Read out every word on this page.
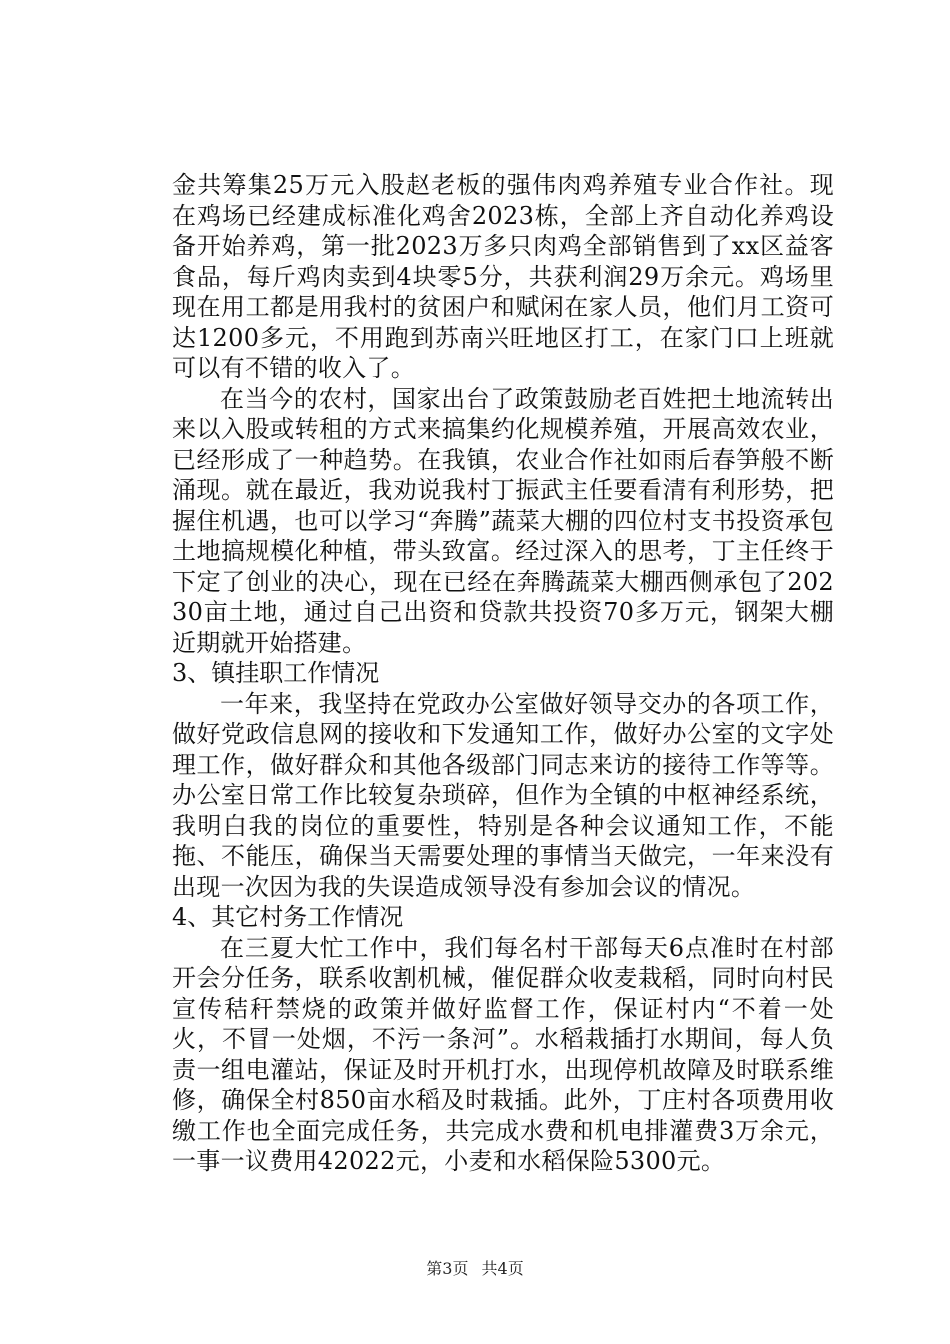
金共筹集25万元入股赵老板的强伟肉鸡养殖专业合作社。现在鸡场已经建成标准化鸡舍2023栋，全部上齐自动化养鸡设备开始养鸡，第一批2023万多只肉鸡全部销售到了xx区益客食品，每斤鸡肉卖到4块零5分，共获利润29万余元。鸡场里现在用工都是用我村的贫困户和赋闲在家人员，他们月工资可达1200多元，不用跑到苏南兴旺地区打工，在家门口上班就可以有不错的收入了。

在当今的农村，国家出台了政策鼓励老百姓把土地流转出来以入股或转租的方式来搞集约化规模养殖，开展高效农业，已经形成了一种趋势。在我镇，农业合作社如雨后春笋般不断涌现。就在最近，我劝说我村丁振武主任要看清有利形势，把握住机遇，也可以学习“奔腾”蔬菜大棚的四位村支书投资承包土地搞规模化种植，带头致富。经过深入的思考，丁主任终于下定了创业的决心，现在已经在奔腾蔬菜大棚西侧承包了20230亩土地，通过自己出资和贷款共投资70多万元，钢架大棚近期就开始搭建。

3、镇挂职工作情况

一年来，我坚持在党政办公室做好领导交办的各项工作，做好党政信息网的接收和下发通知工作，做好办公室的文字处理工作，做好群众和其他各级部门同志来访的接待工作等等。办公室日常工作比较复杂琐碎，但作为全镇的中枢神经系统，我明白我的岗位的重要性，特别是各种会议通知工作，不能拖、不能压，确保当天需要处理的事情当天做完，一年来没有出现一次因为我的失误造成领导没有参加会议的情况。

4、其它村务工作情况

在三夏大忙工作中，我们每名村干部每天6点准时在村部开会分任务，联系收割机械，催促群众收麦栽稻，同时向村民宣传秸秆禁烧的政策并做好监督工作，保证村内“不着一处火，不冒一处烟，不污一条河”。水稻栽插打水期间，每人负责一组电灌站，保证及时开机打水，出现停机故障及时联系维修，确保全村850亩水稻及时栽插。此外，丁庄村各项费用收缴工作也全面完成任务，共完成水费和机电排灌费3万余元，一事一议费用42022元，小麦和水稻保险5300元。

第3页 共4页
